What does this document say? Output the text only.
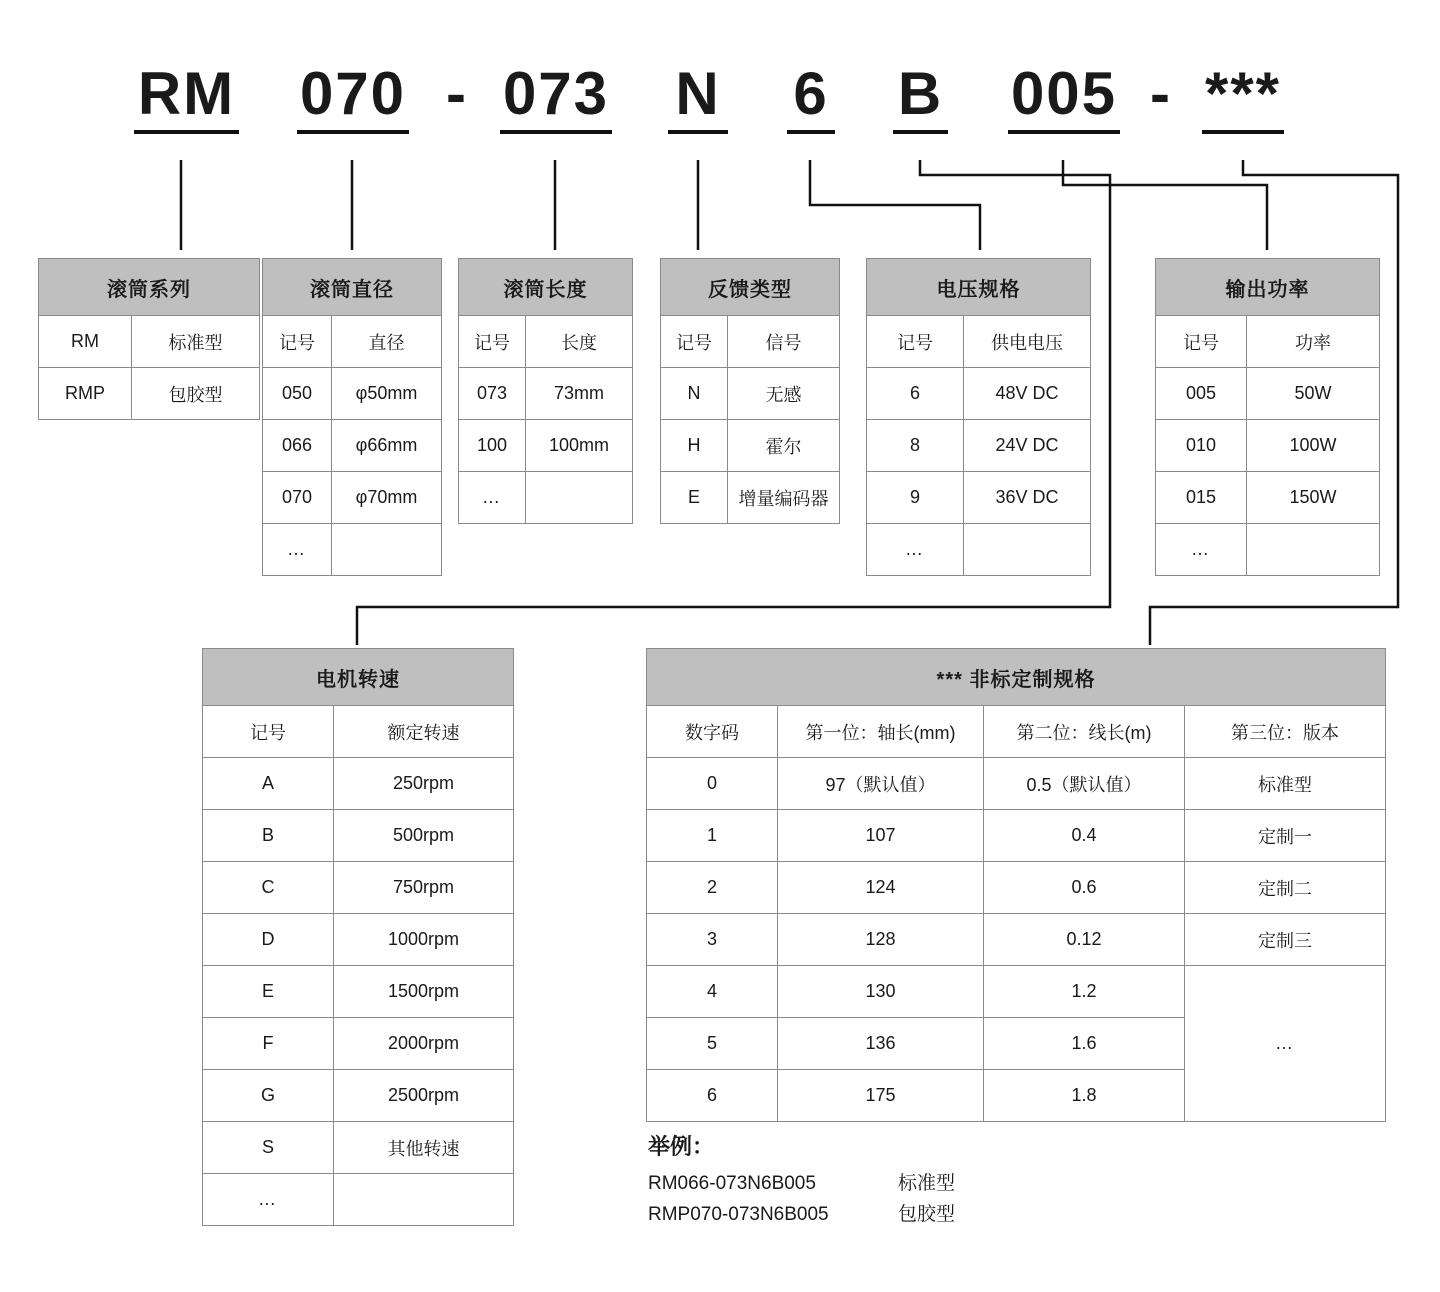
RM 070 073 N 6 B 005 ***
-	-
滚筒系列	
RM	标准型
RMP	包胶型
滚筒直径	
记号	直径
050	φ50mm
066	φ66mm
070	φ70mm
…	
滚筒长度	
记号	长度
073	73mm
100	100mm
…	
反馈类型	
记号	信号
N	无感
H	霍尔
E	增量编码器
电压规格	
记号	供电电压
6	48V DC
8	24V DC
9	36V DC
…	
输出功率	
记号	功率
005	50W
010	100W
015	150W
…	
电机转速	
记号	额定转速
A	250rpm
B	500rpm
C	750rpm
D	1000rpm
E	1500rpm
F	2000rpm
G	2500rpm
S	其他转速
…	
*** 非标定制规格			
数字码	第一位：轴长(mm)	第二位：线长(m)	第三位：版本
0	97（默认值）	0.5（默认值）	标准型
1	107	0.4	定制一
2	124	0.6	定制二
3	128	0.12	定制三
4	130	1.2	…
5	136	1.6	
6	175	1.8	
举例：
RM066-073N6B005	标准型
RMP070-073N6B005	包胶型
